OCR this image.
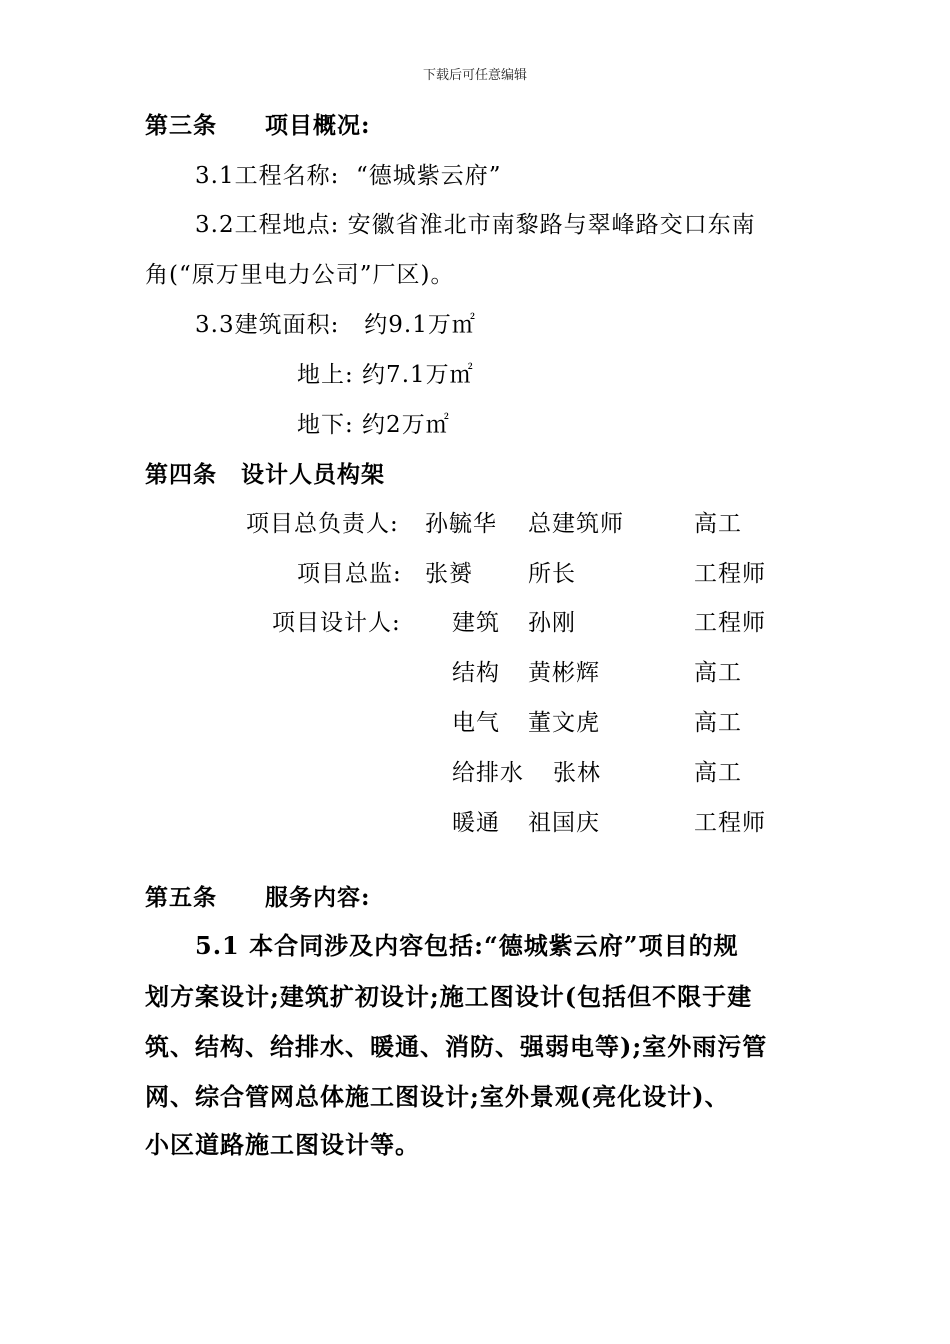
下载后可任意编辑
第三条　　项目概况:
3.1工程名称:  “德城紫云府”
3.2工程地点: 安徽省淮北市南黎路与翠峰路交口东南
角(“原万里电力公司”厂区)。
3.3建筑面积:   约9.1万㎡
地上: 约7.1万㎡
地下: 约2万㎡
第四条　设计人员构架
项目总负责人: 孙毓华 总建筑师	高工
项目总监: 张赟 所长	工程师
项目设计人: 建筑 孙刚	工程师
结构 黄彬辉	高工
电气 董文虎	高工
给排水 张林	高工
暖通 祖国庆	工程师
第五条　　服务内容:
5.1 本合同涉及内容包括:“德城紫云府”项目的规
划方案设计;建筑扩初设计;施工图设计(包括但不限于建
筑、结构、给排水、暖通、消防、强弱电等);室外雨污管
网、综合管网总体施工图设计;室外景观(亮化设计)、
小区道路施工图设计等。
